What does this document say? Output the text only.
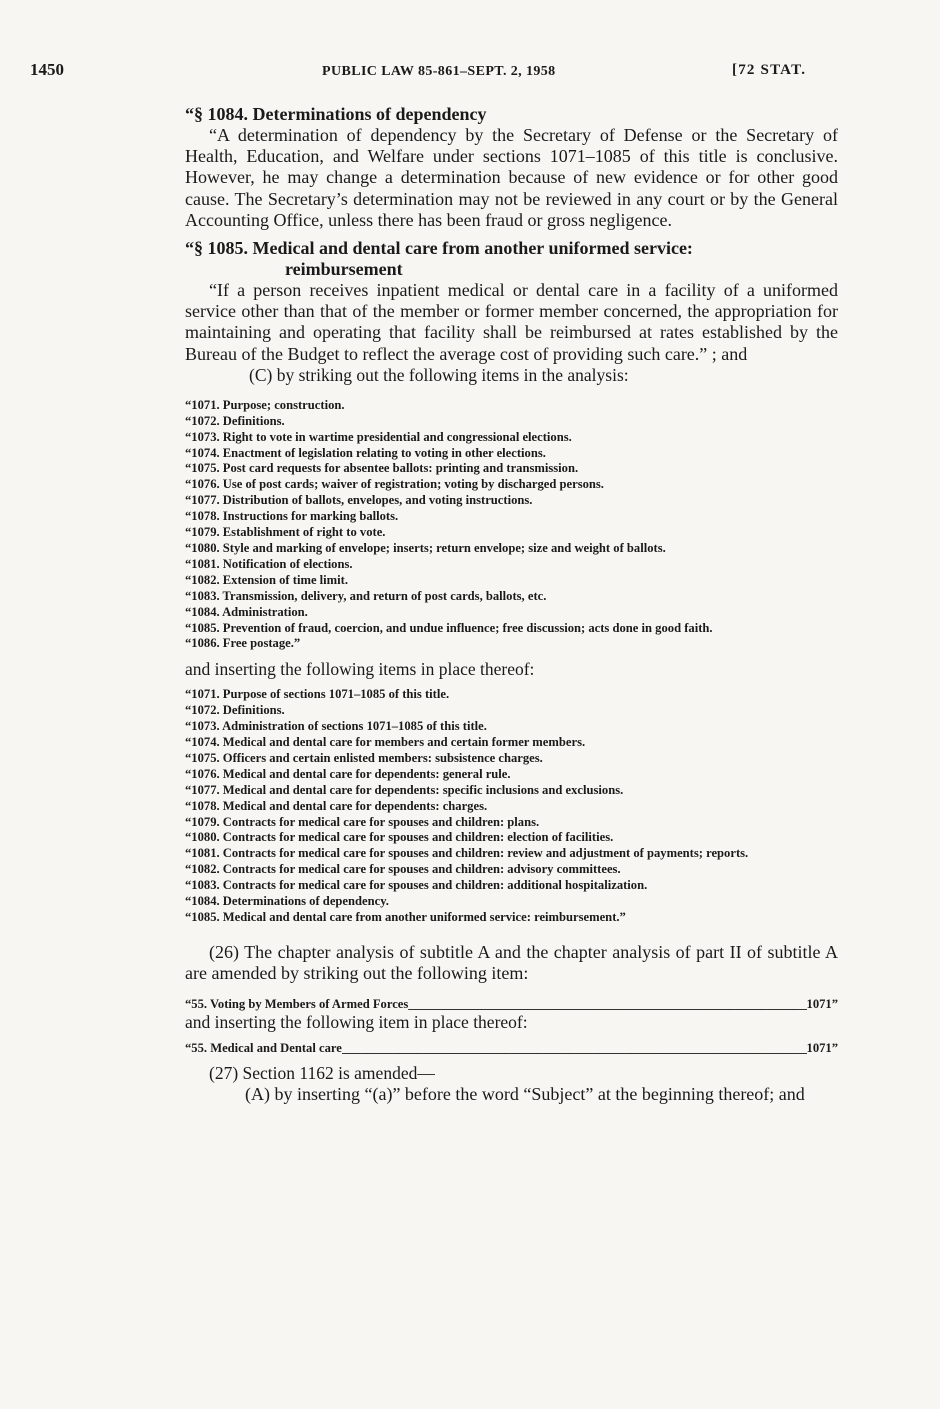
1450	PUBLIC LAW 85-861–SEPT. 2, 1958	[72 STAT.

“§ 1084. Determinations of dependency

“A determination of dependency by the Secretary of Defense or the Secretary of Health, Education, and Welfare under sections 1071–1085 of this title is conclusive. However, he may change a determination because of new evidence or for other good cause. The Secretary’s determination may not be reviewed in any court or by the General Accounting Office, unless there has been fraud or gross negligence.

“§ 1085. Medical and dental care from another uniformed service:
reimbursement

“If a person receives inpatient medical or dental care in a facility of a uniformed service other than that of the member or former member concerned, the appropriation for maintaining and operating that facility shall be reimbursed at rates established by the Bureau of the Budget to reflect the average cost of providing such care.” ; and

(C) by striking out the following items in the analysis:

“1071. Purpose; construction.
“1072. Definitions.
“1073. Right to vote in wartime presidential and congressional elections.
“1074. Enactment of legislation relating to voting in other elections.
“1075. Post card requests for absentee ballots: printing and transmission.
“1076. Use of post cards; waiver of registration; voting by discharged persons.
“1077. Distribution of ballots, envelopes, and voting instructions.
“1078. Instructions for marking ballots.
“1079. Establishment of right to vote.
“1080. Style and marking of envelope; inserts; return envelope; size and weight of ballots.
“1081. Notification of elections.
“1082. Extension of time limit.
“1083. Transmission, delivery, and return of post cards, ballots, etc.
“1084. Administration.
“1085. Prevention of fraud, coercion, and undue influence; free discussion; acts done in good faith.
“1086. Free postage.”

and inserting the following items in place thereof:

“1071. Purpose of sections 1071–1085 of this title.
“1072. Definitions.
“1073. Administration of sections 1071–1085 of this title.
“1074. Medical and dental care for members and certain former members.
“1075. Officers and certain enlisted members: subsistence charges.
“1076. Medical and dental care for dependents: general rule.
“1077. Medical and dental care for dependents: specific inclusions and exclusions.
“1078. Medical and dental care for dependents: charges.
“1079. Contracts for medical care for spouses and children: plans.
“1080. Contracts for medical care for spouses and children: election of facilities.
“1081. Contracts for medical care for spouses and children: review and adjustment of payments; reports.
“1082. Contracts for medical care for spouses and children: advisory committees.
“1083. Contracts for medical care for spouses and children: additional hospitalization.
“1084. Determinations of dependency.
“1085. Medical and dental care from another uniformed service: reimbursement.”

(26) The chapter analysis of subtitle A and the chapter analysis of part II of subtitle A are amended by striking out the following item:

“55. Voting by Members of Armed Forces _____	1071”

and inserting the following item in place thereof:

“55. Medical and Dental care _____	1071”

(27) Section 1162 is amended—

(A) by inserting “(a)” before the word “Subject” at the beginning thereof; and
